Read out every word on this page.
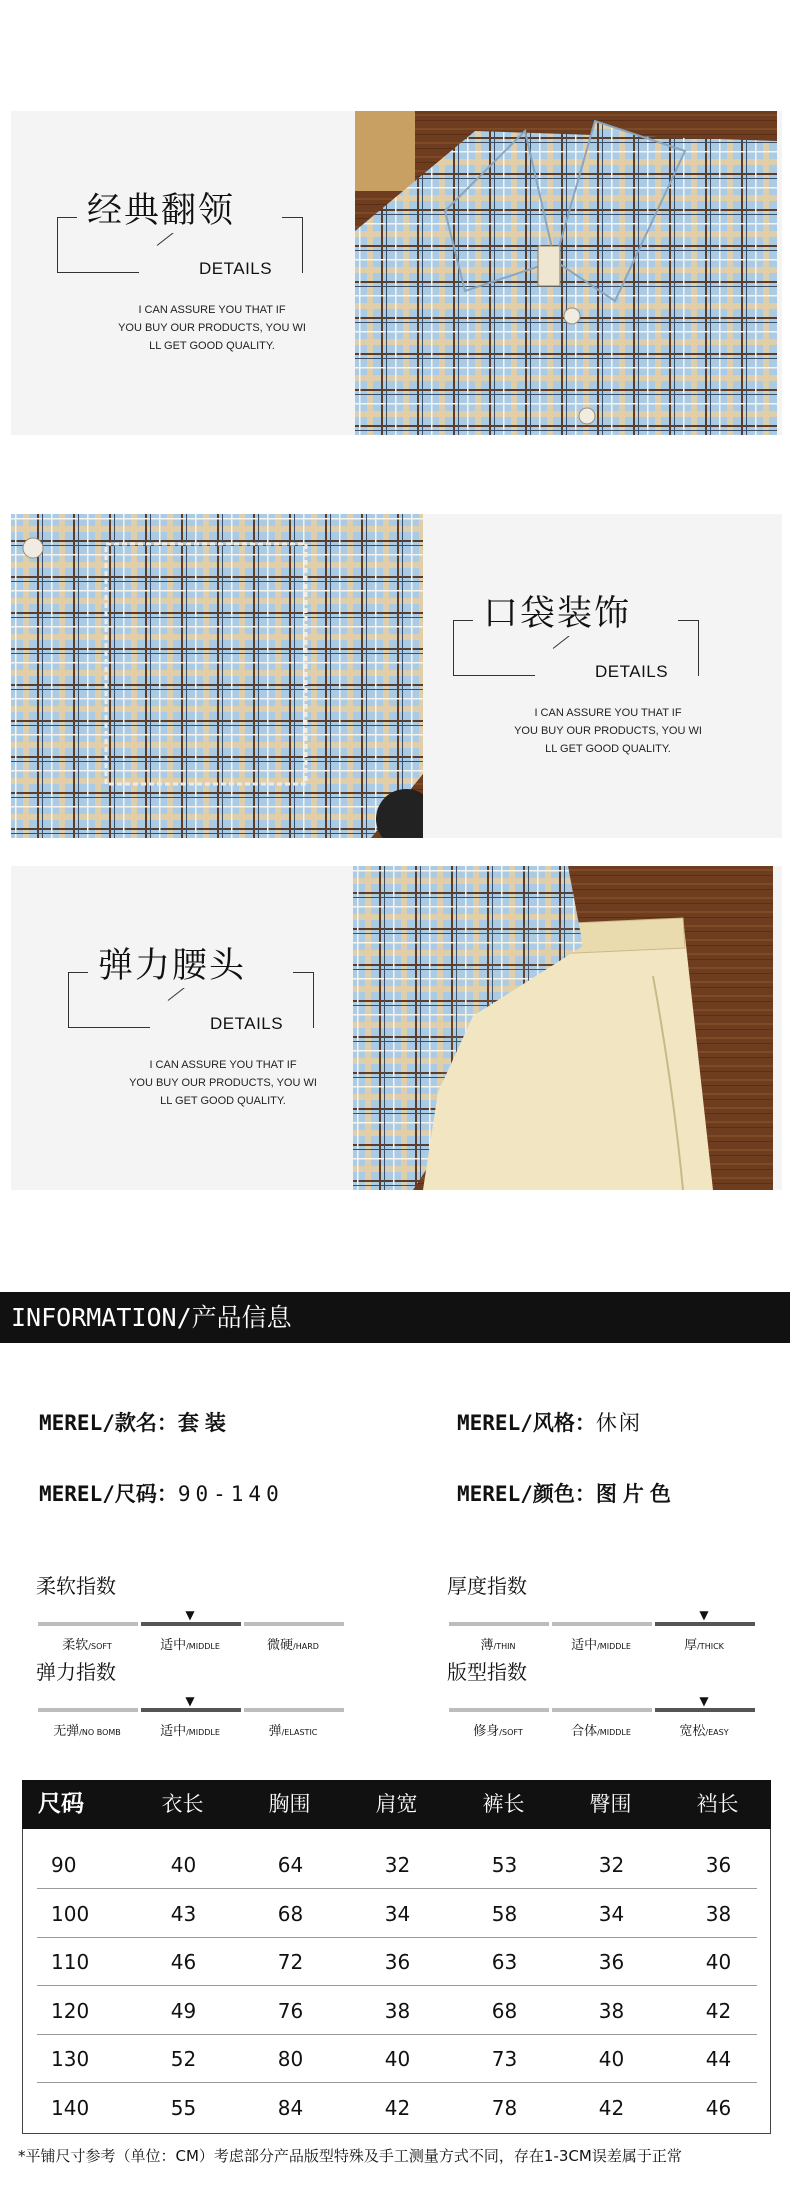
经典翻领
DETAILS
I CAN ASSURE YOU THAT IF
YOU BUY OUR PRODUCTS, YOU WI
LL GET GOOD QUALITY.
口袋装饰
DETAILS
I CAN ASSURE YOU THAT IF
YOU BUY OUR PRODUCTS, YOU WI
LL GET GOOD QUALITY.
弹力腰头
DETAILS
I CAN ASSURE YOU THAT IF
YOU BUY OUR PRODUCTS, YOU WI
LL GET GOOD QUALITY.
INFORMATION/产品信息
MEREL/款名：套装	MEREL/风格：休闲
MEREL/尺码：90-140	MEREL/颜色：图片色
柔软指数
▼
柔软/SOFT	适中/MIDDLE	微硬/HARD
厚度指数
▼
薄/THIN	适中/MIDDLE	厚/THICK
弹力指数
▼
无弹/NO BOMB	适中/MIDDLE	弹/ELASTIC
版型指数
▼
修身/SOFT	合体/MIDDLE	宽松/EASY
尺码	衣长	胸围	肩宽	裤长	臀围	裆长
90	40	64	32	53	32	36
100	43	68	34	58	34	38
110	46	72	36	63	36	40
120	49	76	38	68	38	42
130	52	80	40	73	40	44
140	55	84	42	78	42	46
*平铺尺寸参考（单位：CM）考虑部分产品版型特殊及手工测量方式不同，存在1-3CM误差属于正常
